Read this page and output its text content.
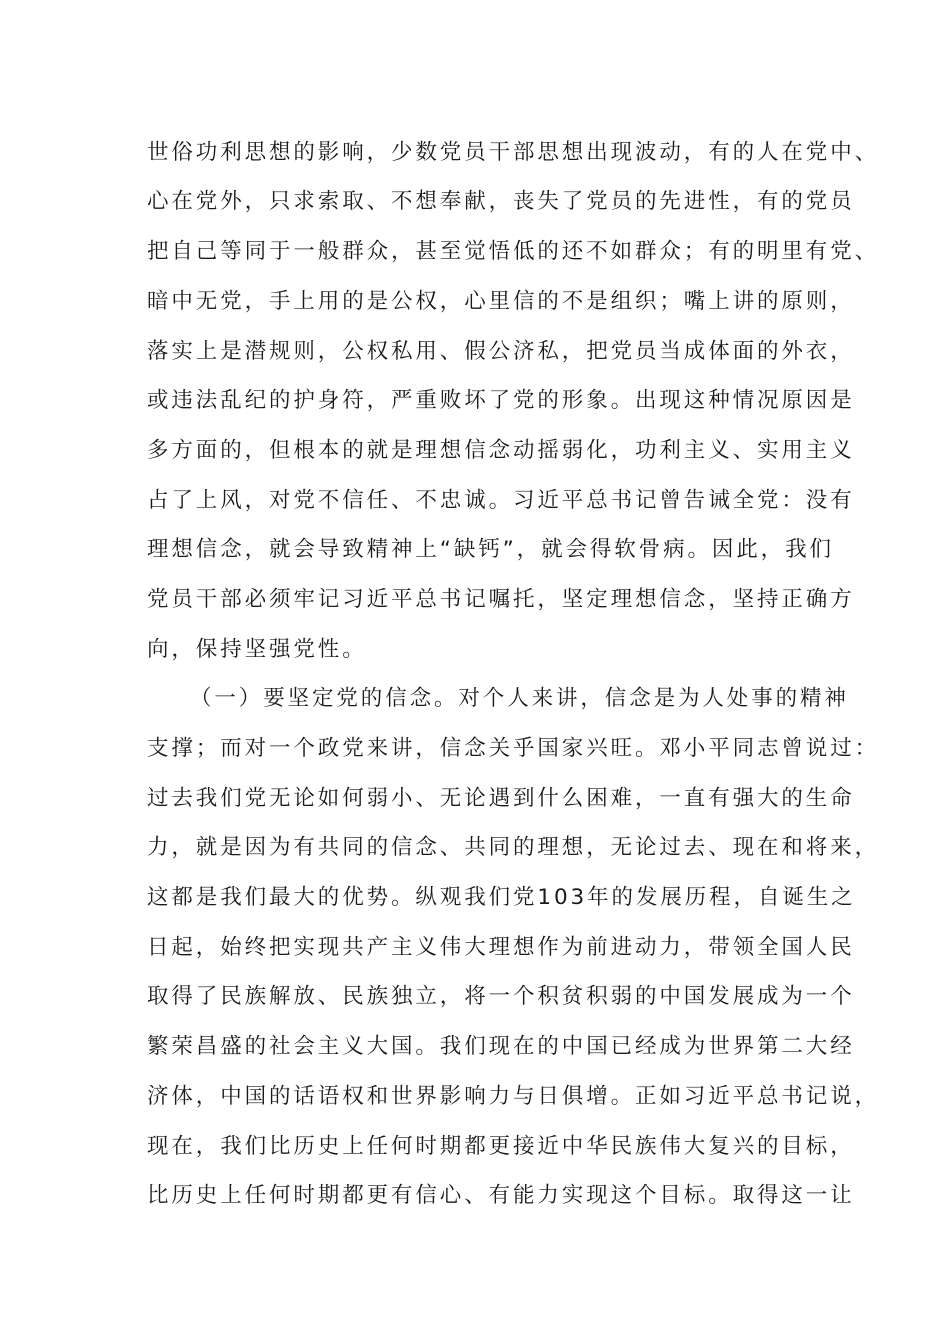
世俗功利思想的影响，少数党员干部思想出现波动，有的人在党中、
心在党外，只求索取、不想奉献，丧失了党员的先进性，有的党员
把自己等同于一般群众，甚至觉悟低的还不如群众；有的明里有党、
暗中无党，手上用的是公权，心里信的不是组织；嘴上讲的原则，
落实上是潜规则，公权私用、假公济私，把党员当成体面的外衣，
或违法乱纪的护身符，严重败坏了党的形象。出现这种情况原因是
多方面的，但根本的就是理想信念动摇弱化，功利主义、实用主义
占了上风，对党不信任、不忠诚。习近平总书记曾告诫全党：没有
理想信念，就会导致精神上“缺钙”，就会得软骨病。因此，我们
党员干部必须牢记习近平总书记嘱托，坚定理想信念，坚持正确方
向，保持坚强党性。
（一）要坚定党的信念。对个人来讲，信念是为人处事的精神
支撑；而对一个政党来讲，信念关乎国家兴旺。邓小平同志曾说过：
过去我们党无论如何弱小、无论遇到什么困难，一直有强大的生命
力，就是因为有共同的信念、共同的理想，无论过去、现在和将来，
这都是我们最大的优势。纵观我们党103年的发展历程，自诞生之
日起，始终把实现共产主义伟大理想作为前进动力，带领全国人民
取得了民族解放、民族独立，将一个积贫积弱的中国发展成为一个
繁荣昌盛的社会主义大国。我们现在的中国已经成为世界第二大经
济体，中国的话语权和世界影响力与日俱增。正如习近平总书记说，
现在，我们比历史上任何时期都更接近中华民族伟大复兴的目标，
比历史上任何时期都更有信心、有能力实现这个目标。取得这一让
